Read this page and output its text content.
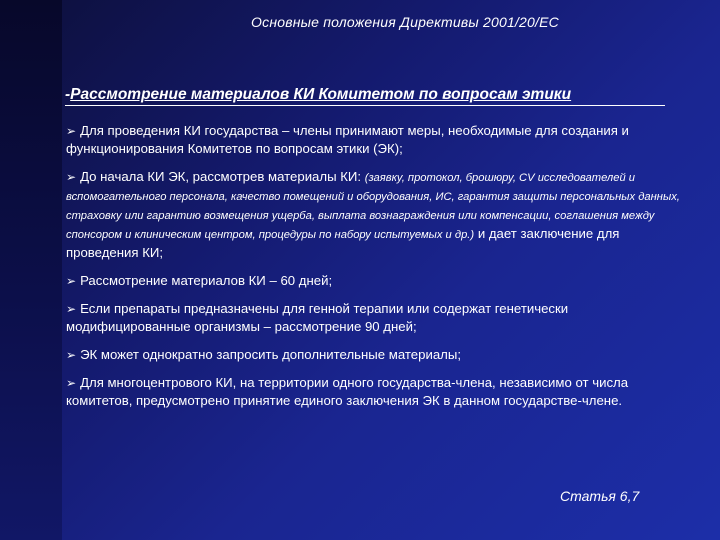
Основные положения Директивы 2001/20/ЕС
-Рассмотрение материалов КИ Комитетом по вопросам этики
➢ Для проведения КИ государства – члены принимают меры, необходимые для создания и функционирования Комитетов по вопросам этики (ЭК);
➢ До начала КИ ЭК, рассмотрев материалы КИ: (заявку, протокол, брошюру, CV исследователей и вспомогательного персонала, качество помещений и оборудования, ИС, гарантия защиты персональных данных, страховку или гарантию возмещения ущерба, выплата вознаграждения или компенсации, соглашения между спонсором и клиническим центром, процедуры по набору испытуемых и др.) и дает заключение для проведения КИ;
➢ Рассмотрение материалов КИ – 60 дней;
➢ Если препараты предназначены для генной терапии или содержат генетически модифицированные организмы – рассмотрение 90 дней;
➢ ЭК может однократно запросить дополнительные материалы;
➢ Для многоцентрового КИ, на территории одного государства-члена, независимо от числа комитетов, предусмотрено принятие единого заключения ЭК в данном государстве-члене.
Статья 6,7
